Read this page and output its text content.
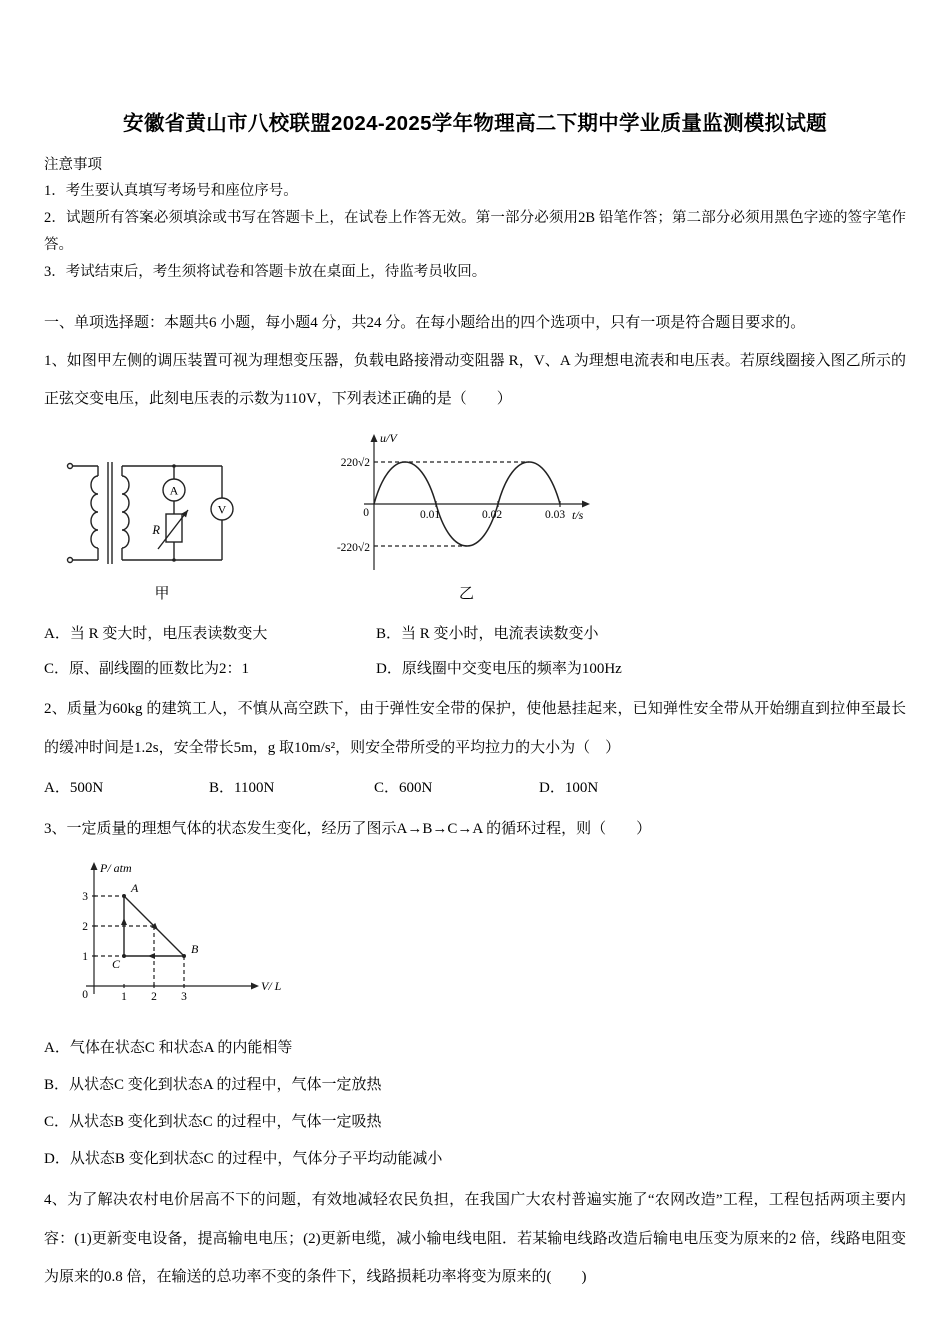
安徽省黄山市八校联盟2024-2025学年物理高二下期中学业质量监测模拟试题

注意事项

1．考生要认真填写考场号和座位序号。

2．试题所有答案必须填涂或书写在答题卡上，在试卷上作答无效。第一部分必须用2B 铅笔作答；第二部分必须用黑色字迹的签字笔作答。

3．考试结束后，考生须将试卷和答题卡放在桌面上，待监考员收回。

一、单项选择题：本题共6 小题，每小题4 分，共24 分。在每小题给出的四个选项中，只有一项是符合题目要求的。

1、如图甲左侧的调压装置可视为理想变压器，负载电路接滑动变阻器 R，V、A 为理想电流表和电压表。若原线圈接入图乙所示的正弦交变电压，此刻电压表的示数为110V，下列表述正确的是（　　）

A
V
R
甲
u/V
t/s
220√2
-220√2
0	0.01	0.02	0.03
乙

A．当 R 变大时，电压表读数变大	B．当 R 变小时，电流表读数变小

C．原、副线圈的匝数比为2：1	D．原线圈中交变电压的频率为100Hz

2、质量为60kg 的建筑工人，不慎从高空跌下，由于弹性安全带的保护，使他悬挂起来，已知弹性安全带从开始绷直到拉伸至最长的缓冲时间是1.2s，安全带长5m，g 取10m/s²，则安全带所受的平均拉力的大小为（　）

A．500N	B．1100N	C．600N	D．100N

3、一定质量的理想气体的状态发生变化，经历了图示A→B→C→A 的循环过程，则（　　）

P/ atm
V/ L
0
1
2
3
1 2 3
A
B
C

A．气体在状态C 和状态A 的内能相等

B．从状态C 变化到状态A 的过程中，气体一定放热

C．从状态B 变化到状态C 的过程中，气体一定吸热

D．从状态B 变化到状态C 的过程中，气体分子平均动能减小

4、为了解决农村电价居高不下的问题，有效地减轻农民负担，在我国广大农村普遍实施了“农网改造”工程，工程包括两项主要内容：(1)更新变电设备，提高输电电压；(2)更新电缆，减小输电线电阻．若某输电线路改造后输电电压变为原来的2 倍，线路电阻变为原来的0.8 倍，在输送的总功率不变的条件下，线路损耗功率将变为原来的(　　)
